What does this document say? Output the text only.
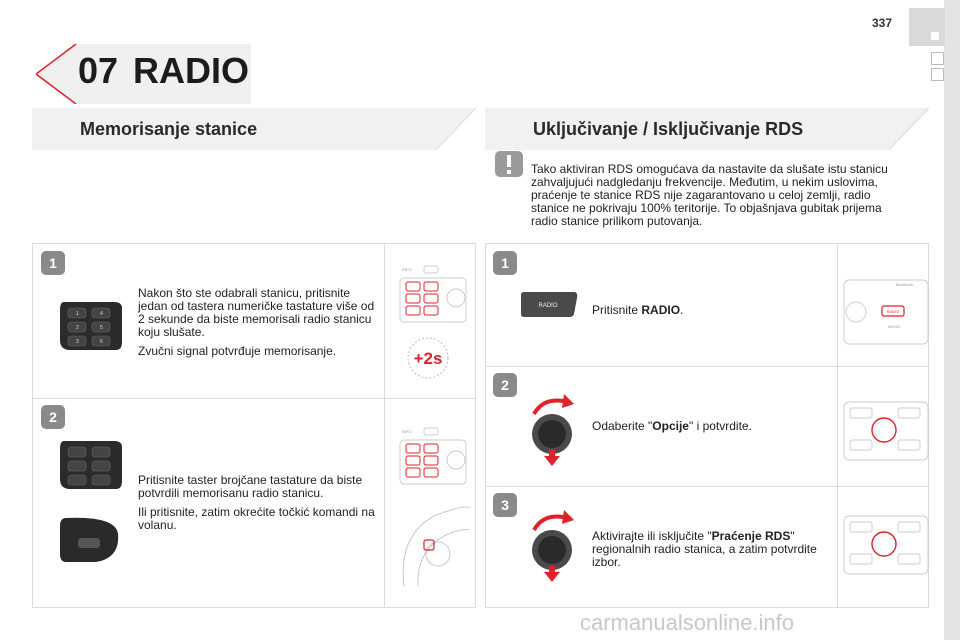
337
07 RADIO
Memorisanje stanice	Uključivanje / Isključivanje RDS
1
2
1	4
2	5
3	6

Nakon što ste odabrali stanicu, pritisnite jedan od tastera numeričke tastature više od 2 sekunde da biste memorisali radio stanicu koju slušate.

Zvučni signal potvrđuje memorisanje.

INFO
+2s

Pritisnite taster brojčane tastature da biste potvrdili memorisanu radio stanicu.

Ili pritisnite, zatim okrećite točkić komandi na volanu.

INFO
Tako aktiviran RDS omogućava da nastavite da slušate istu stanicu zahvaljujući nadgledanju frekvencije. Međutim, u nekim uslovima, praćenje te stanice RDS nije zagarantovano u celoj zemlji, radio stanice ne pokrivaju 100% teritorije. To objašnjava gubitak prijema radio stanice prilikom putovanja.
1
2
3
RADIO	Pritisnite RADIO.
Bluetooth
RADIO
MUSIC
Odaberite "Opcije" i potvrdite.
Aktivirajte ili isključite "Praćenje RDS" regionalnih radio stanica, a zatim potvrdite izbor.
carmanualsonline.info
